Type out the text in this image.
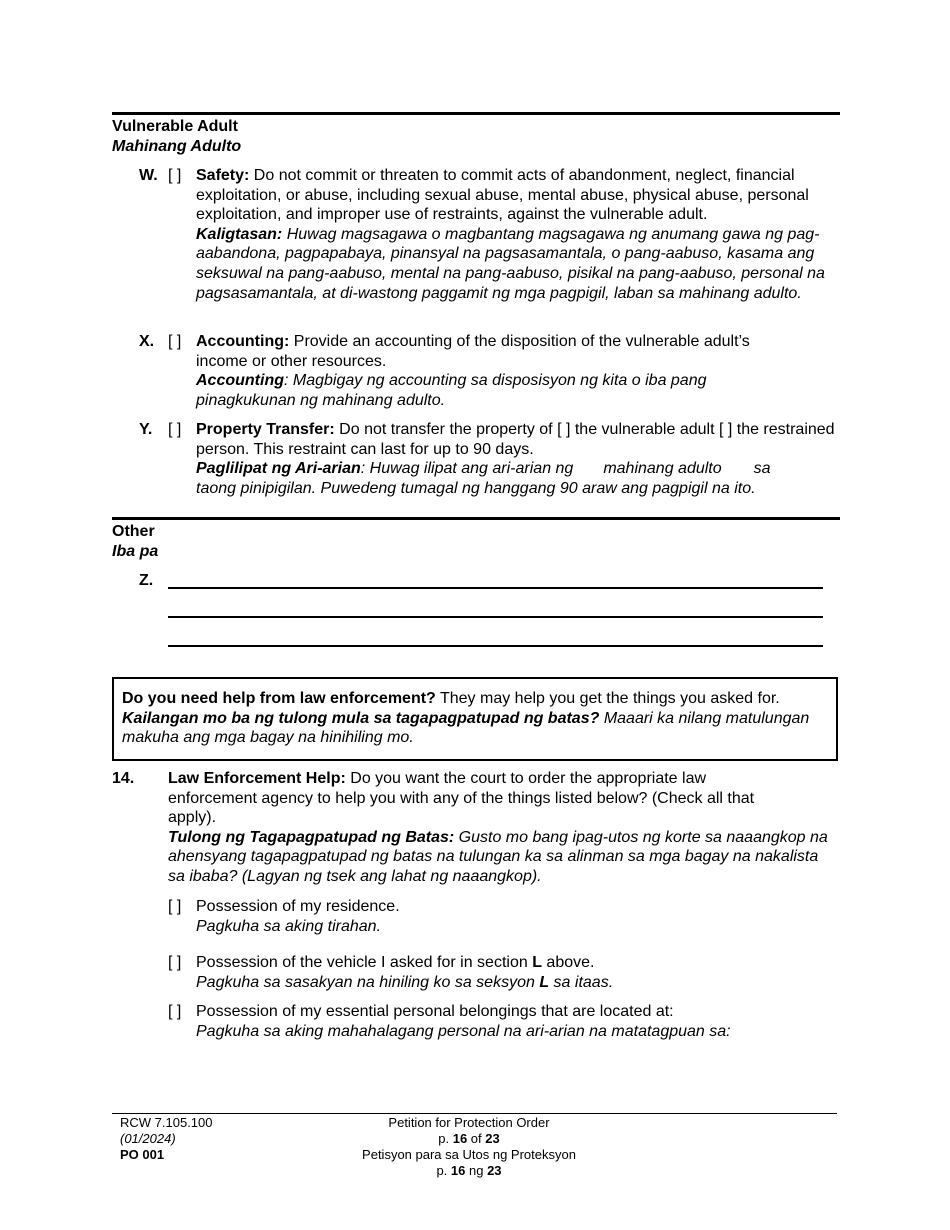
Vulnerable Adult
Mahinang Adulto
W. [ ] Safety: Do not commit or threaten to commit acts of abandonment, neglect, financial exploitation, or abuse, including sexual abuse, mental abuse, physical abuse, personal exploitation, and improper use of restraints, against the vulnerable adult.

Kaligtasan: Huwag magsagawa o magbantang magsagawa ng anumang gawa ng pag-aabandona, pagpapabaya, pinansyal na pagsasamantala, o pang-aabuso, kasama ang seksuwal na pang-aabuso, mental na pang-aabuso, pisikal na pang-aabuso, personal na pagsasamantala, at di-wastong paggamit ng mga pagpigil, laban sa mahinang adulto.

X. [ ] Accounting: Provide an accounting of the disposition of the vulnerable adult’s income or other resources.

Accounting: Magbigay ng accounting sa disposisyon ng kita o iba pang pinagkukunan ng mahinang adulto.

Y. [ ] Property Transfer: Do not transfer the property of [ ] the vulnerable adult [ ] the restrained person. This restraint can last for up to 90 days.

Paglilipat ng Ari-arian: Huwag ilipat ang ari-arian ng mahinang adulto sa
taong pinipigilan. Puwedeng tumagal ng hanggang 90 araw ang pagpigil na ito.

Other
Iba pa
Z.

Do you need help from law enforcement? They may help you get the things you asked for.

Kailangan mo ba ng tulong mula sa tagapagpatupad ng batas? Maaari ka nilang matulungan makuha ang mga bagay na hinihiling mo.

14. Law Enforcement Help: Do you want the court to order the appropriate law enforcement agency to help you with any of the things listed below? (Check all that apply).

Tulong ng Tagapagpatupad ng Batas: Gusto mo bang ipag-utos ng korte sa naaangkop na ahensyang tagapagpatupad ng batas na tulungan ka sa alinman sa mga bagay na nakalista sa ibaba? (Lagyan ng tsek ang lahat ng naaangkop).

[ ] Possession of my residence.

Pagkuha sa aking tirahan.

[ ] Possession of the vehicle I asked for in section L above.

Pagkuha sa sasakyan na hiniling ko sa seksyon L sa itaas.

[ ] Possession of my essential personal belongings that are located at:

Pagkuha sa aking mahahalagang personal na ari-arian na matatagpuan sa:

RCW 7.105.100

(01/2024)

PO 001

Petition for Protection Order

p. 16 of 23

Petisyon para sa Utos ng Proteksyon

p. 16 ng 23
